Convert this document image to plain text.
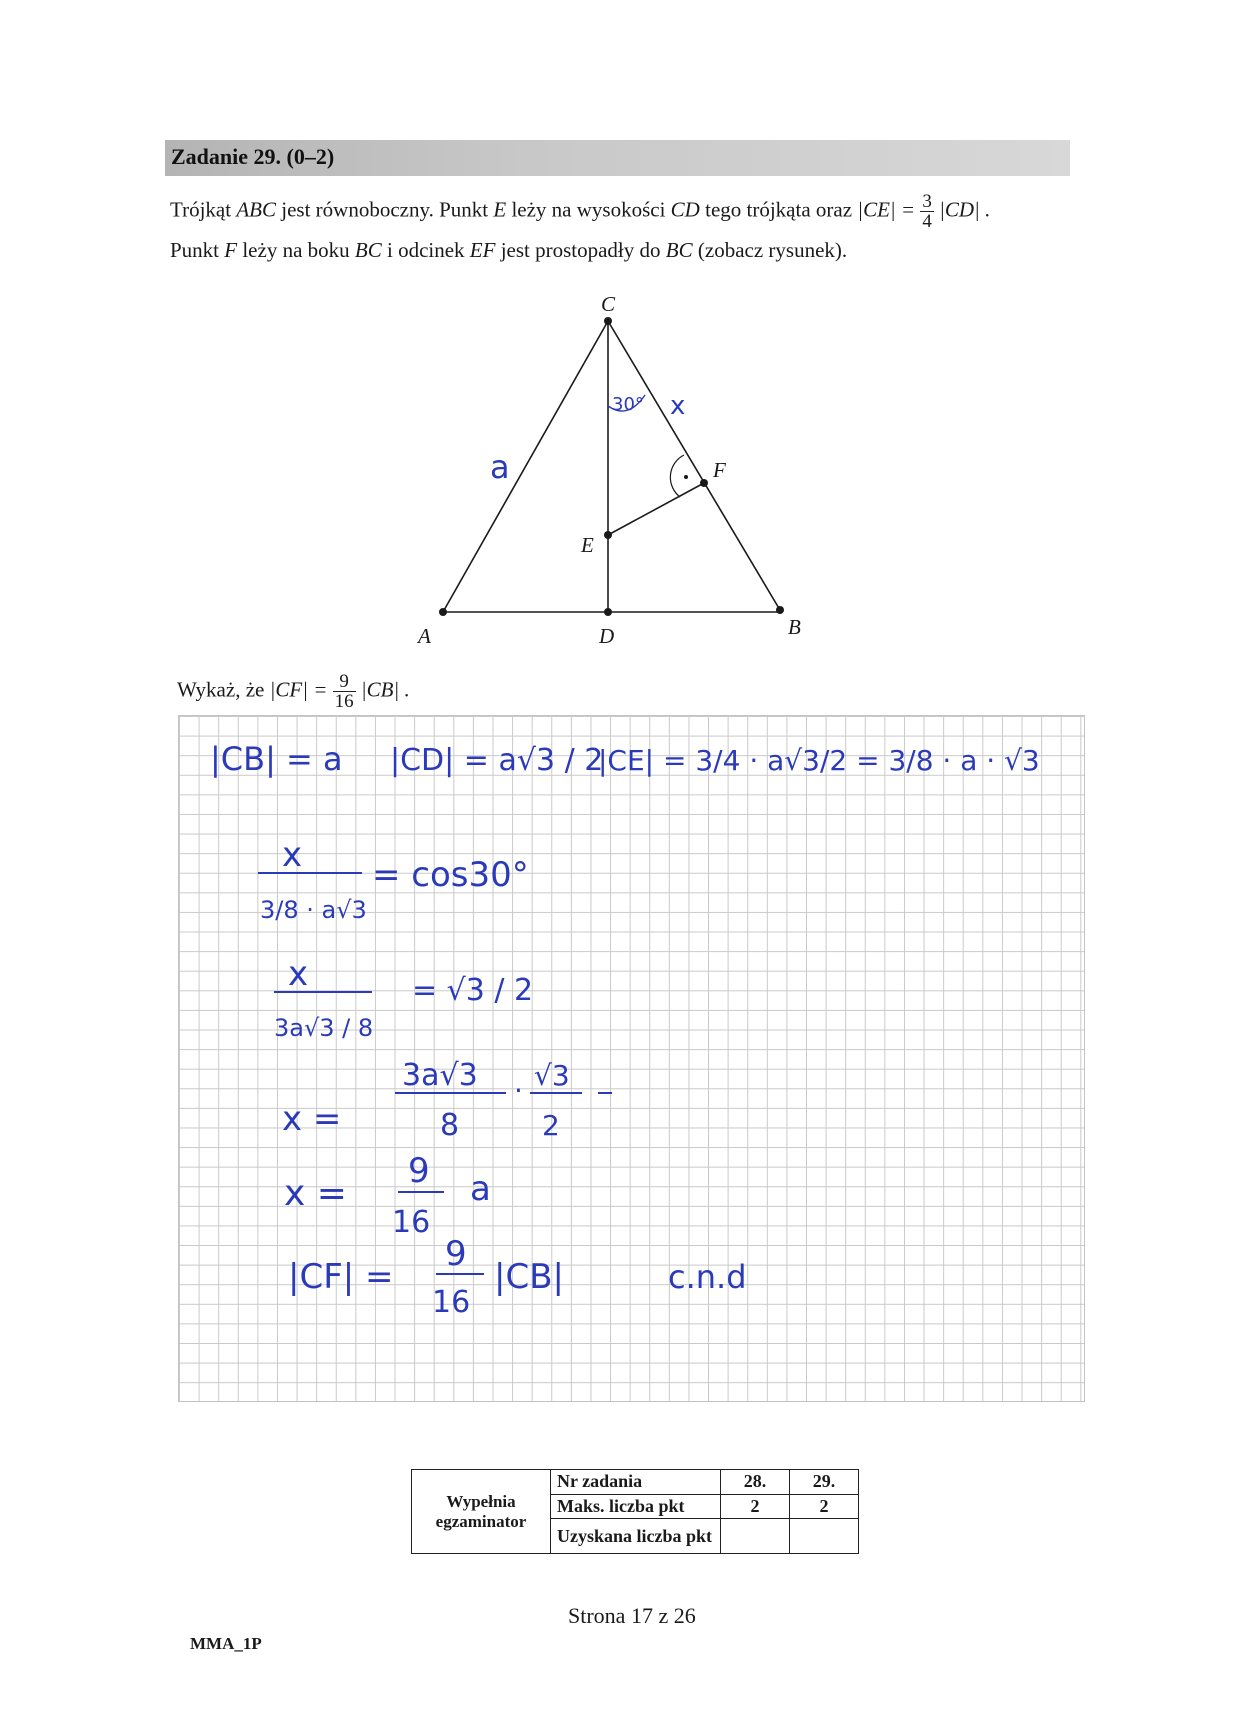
Zadanie 29. (0–2)
Trójkąt ABC jest równoboczny. Punkt E leży na wysokości CD tego trójkąta oraz $|CE| = \frac{3}{4} |CD|$ .
Punkt F leży na boku BC i odcinek EF jest prostopadły do BC (zobacz rysunek).
C
F
E
A	D	B
a
30° x
Wykaż, że $|CF| = \frac{9}{16} |CB|$ .
|CB| = a |CD| = a√3 / 2
|CE| = 3/4 · a√3/2 = 3/8 · a · √3
x
3/8 · a√3
= cos30°
x
3a√3 / 8
= √3 / 2
x =
3a√3
8
· √3
2
x =
9
16
a
|CF| =
9
16
|CB|	c.n.d
Wypełnia egzaminator	Nr zadania	28.	29.
	Maks. liczba pkt	2	2
	Uzyskana liczba pkt		
Strona 17 z 26
MMA_1P
